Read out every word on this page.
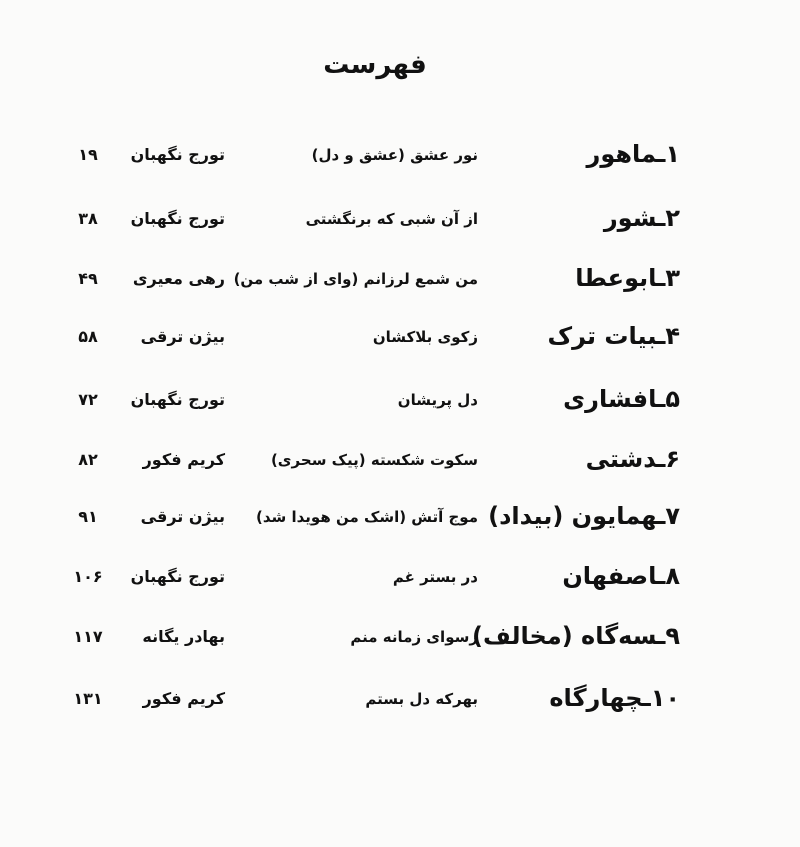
فهرست
۱ـماهور
نور عشق (عشق و دل)
تورج نگهبان
۱۹
۲ـشور
از آن شبی که برنگشتی
تورج نگهبان
۳۸
۳ـابوعطا
من شمع لرزانم (وای از شب من)
رهی معیری
۴۹
۴ـبیات ترک
زکوی بلاکشان
بیژن ترقی
۵۸
۵ـافشاری
دل پریشان
تورج نگهبان
۷۲
۶ـدشتی
سکوت شکسته (پیک سحری)
کریم فکور
۸۲
۷ـهمایون (بیداد)
موج آتش (اشک من هویدا شد)
بیژن ترقی
۹۱
۸ـاصفهان
در بستر غم
تورج نگهبان
۱۰۶
۹ـسه‌گاه (مخالف)
رسوای زمانه منم
بهادر یگانه
۱۱۷
۱۰ـچهارگاه
بهرکه دل بستم
کریم فکور
۱۳۱
